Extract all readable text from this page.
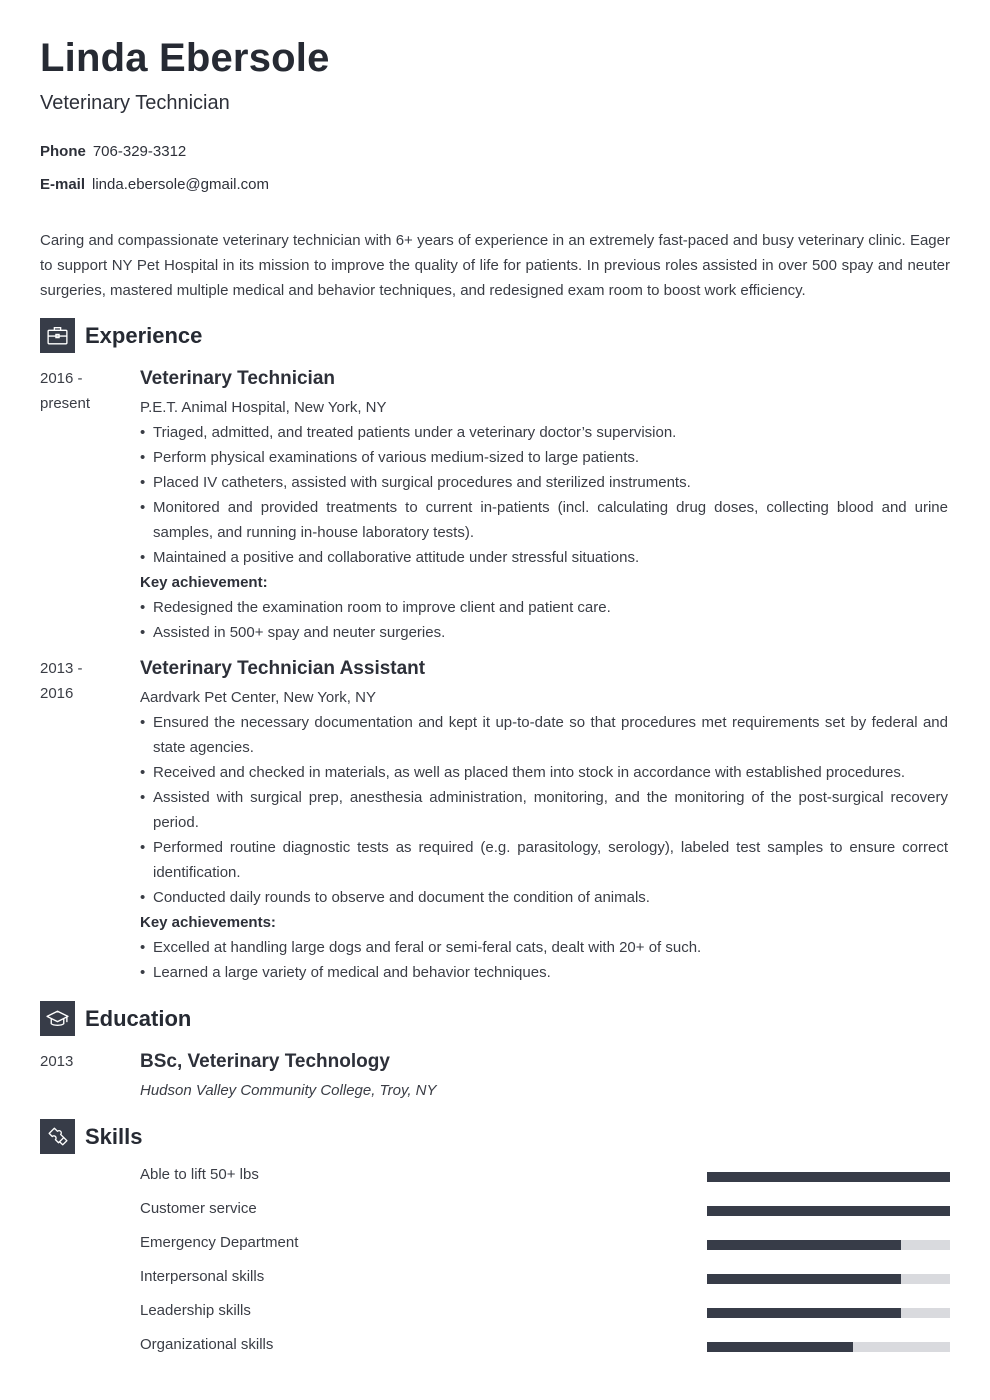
Linda Ebersole
Veterinary Technician
Phone 706-329-3312
E-mail linda.ebersole@gmail.com

Caring and compassionate veterinary technician with 6+ years of experience in an extremely fast-paced and busy veterinary clinic. Eager to support NY Pet Hospital in its mission to improve the quality of life for patients. In previous roles assisted in over 500 spay and neuter surgeries, mastered multiple medical and behavior techniques, and redesigned exam room to boost work efficiency.

Experience
2016 -
present
Veterinary Technician
P.E.T. Animal Hospital, New York, NY
• Triaged, admitted, and treated patients under a veterinary doctor’s supervision.
• Perform physical examinations of various medium-sized to large patients.
• Placed IV catheters, assisted with surgical procedures and sterilized instruments.
• Monitored and provided treatments to current in-patients (incl. calculating drug doses, collecting blood and urine samples, and running in-house laboratory tests).
• Maintained a positive and collaborative attitude under stressful situations.
Key achievement:
• Redesigned the examination room to improve client and patient care.
• Assisted in 500+ spay and neuter surgeries.
2013 -
2016
Veterinary Technician Assistant
Aardvark Pet Center, New York, NY
• Ensured the necessary documentation and kept it up-to-date so that procedures met requirements set by federal and state agencies.
• Received and checked in materials, as well as placed them into stock in accordance with established procedures.
• Assisted with surgical prep, anesthesia administration, monitoring, and the monitoring of the post-surgical recovery period.
• Performed routine diagnostic tests as required (e.g. parasitology, serology), labeled test samples to ensure correct identification.
• Conducted daily rounds to observe and document the condition of animals.
Key achievements:
• Excelled at handling large dogs and feral or semi-feral cats, dealt with 20+ of such.
• Learned a large variety of medical and behavior techniques.
Education
2013	BSc, Veterinary Technology
Hudson Valley Community College, Troy, NY
Skills
Able to lift 50+ lbs
Customer service
Emergency Department
Interpersonal skills
Leadership skills
Organizational skills
